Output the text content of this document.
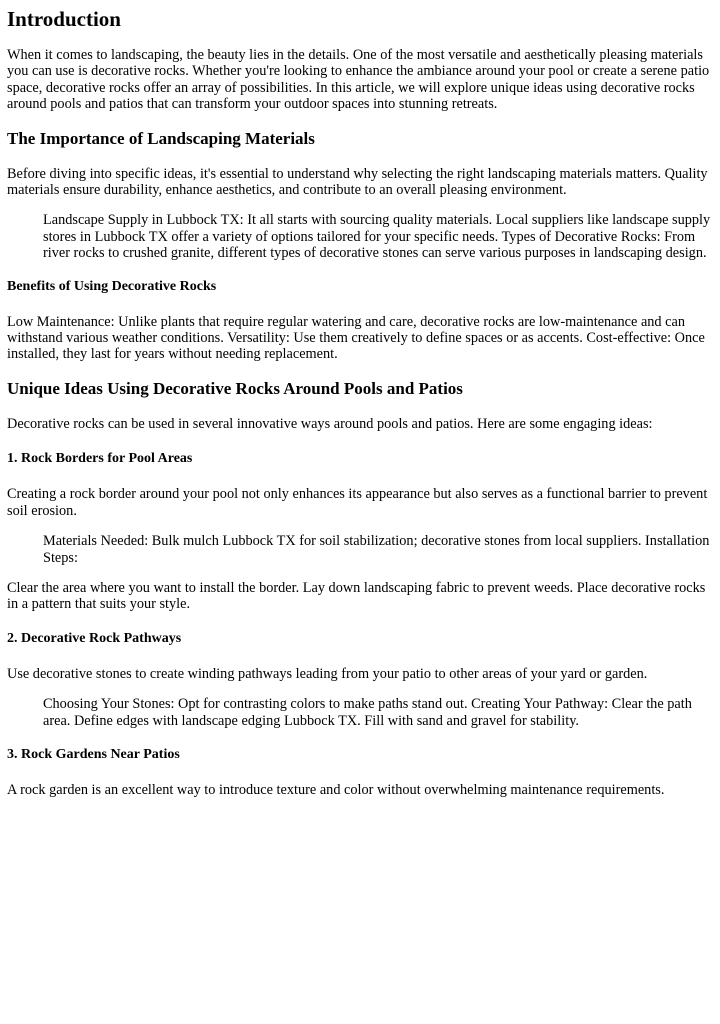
Introduction

When it comes to landscaping, the beauty lies in the details. One of the most versatile and aesthetically pleasing materials you can use is decorative rocks. Whether you're looking to enhance the ambiance around your pool or create a serene patio space, decorative rocks offer an array of possibilities. In this article, we will explore unique ideas using decorative rocks around pools and patios that can transform your outdoor spaces into stunning retreats.

The Importance of Landscaping Materials

Before diving into specific ideas, it's essential to understand why selecting the right landscaping materials matters. Quality materials ensure durability, enhance aesthetics, and contribute to an overall pleasing environment.

Landscape Supply in Lubbock TX: It all starts with sourcing quality materials. Local suppliers like landscape supply stores in Lubbock TX offer a variety of options tailored for your specific needs. Types of Decorative Rocks: From river rocks to crushed granite, different types of decorative stones can serve various purposes in landscaping design.

Benefits of Using Decorative Rocks

Low Maintenance: Unlike plants that require regular watering and care, decorative rocks are low-maintenance and can withstand various weather conditions. Versatility: Use them creatively to define spaces or as accents. Cost-effective: Once installed, they last for years without needing replacement.

Unique Ideas Using Decorative Rocks Around Pools and Patios

Decorative rocks can be used in several innovative ways around pools and patios. Here are some engaging ideas:

1. Rock Borders for Pool Areas

Creating a rock border around your pool not only enhances its appearance but also serves as a functional barrier to prevent soil erosion.

Materials Needed: Bulk mulch Lubbock TX for soil stabilization; decorative stones from local suppliers. Installation Steps:

Clear the area where you want to install the border. Lay down landscaping fabric to prevent weeds. Place decorative rocks in a pattern that suits your style.

2. Decorative Rock Pathways

Use decorative stones to create winding pathways leading from your patio to other areas of your yard or garden.

Choosing Your Stones: Opt for contrasting colors to make paths stand out. Creating Your Pathway: Clear the path area. Define edges with landscape edging Lubbock TX. Fill with sand and gravel for stability.

3. Rock Gardens Near Patios

A rock garden is an excellent way to introduce texture and color without overwhelming maintenance requirements.
